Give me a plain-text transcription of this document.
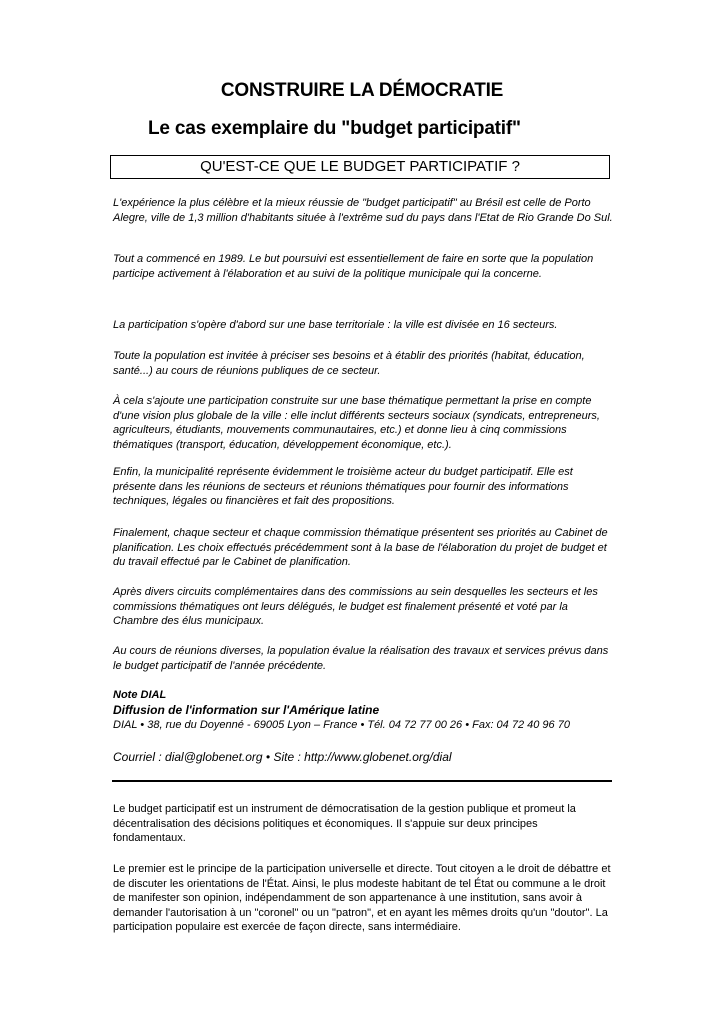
CONSTRUIRE LA DÉMOCRATIE
Le cas exemplaire du "budget participatif"
QU'EST-CE QUE LE BUDGET PARTICIPATIF ?

L'expérience la plus célèbre et la mieux réussie de "budget participatif" au Brésil est celle de Porto Alegre, ville de 1,3 million d'habitants située à l'extrême sud du pays dans l'Etat de Rio Grande Do Sul.

Tout a commencé en 1989. Le but poursuivi est essentiellement de faire en sorte que la population participe activement à l'élaboration et au suivi de la politique municipale qui la concerne.

La participation s'opère d'abord sur une base territoriale : la ville est divisée en 16 secteurs.

Toute la population est invitée à préciser ses besoins et à établir des priorités (habitat, éducation, santé...) au cours de réunions publiques de ce secteur.

À cela s'ajoute une participation construite sur une base thématique permettant la prise en compte d'une vision plus globale de la ville : elle inclut différents secteurs sociaux (syndicats, entrepreneurs, agriculteurs, étudiants, mouvements communautaires, etc.) et donne lieu à cinq commissions thématiques (transport, éducation, développement économique, etc.).

Enfin, la municipalité représente évidemment le troisième acteur du budget participatif. Elle est présente dans les réunions de secteurs et réunions thématiques pour fournir des informations techniques, légales ou financières et fait des propositions.

Finalement, chaque secteur et chaque commission thématique présentent ses priorités au Cabinet de planification. Les choix effectués précédemment sont à la base de l'élaboration du projet de budget et du travail effectué par le Cabinet de planification.

Après divers circuits complémentaires dans des commissions au sein desquelles les secteurs et les commissions thématiques ont leurs délégués, le budget est finalement présenté et voté par la Chambre des élus municipaux.

Au cours de réunions diverses, la population évalue la réalisation des travaux et services prévus dans le budget participatif de l'année précédente.

Note DIAL
Diffusion de l'information sur l'Amérique latine
DIAL • 38, rue du Doyenné - 69005 Lyon – France • Tél. 04 72 77 00 26 • Fax: 04 72 40 96 70
Courriel : dial@globenet.org • Site : http://www.globenet.org/dial

Le budget participatif est un instrument de démocratisation de la gestion publique et promeut la décentralisation des décisions politiques et économiques. Il s'appuie sur deux principes fondamentaux.

Le premier est le principe de la participation universelle et directe. Tout citoyen a le droit de débattre et de discuter les orientations de l'État. Ainsi, le plus modeste habitant de tel État ou commune a le droit de manifester son opinion, indépendamment de son appartenance à une institution, sans avoir à demander l'autorisation à un "coronel" ou un "patron", et en ayant les mêmes droits qu'un "doutor". La participation populaire est exercée de façon directe, sans intermédiaire.
